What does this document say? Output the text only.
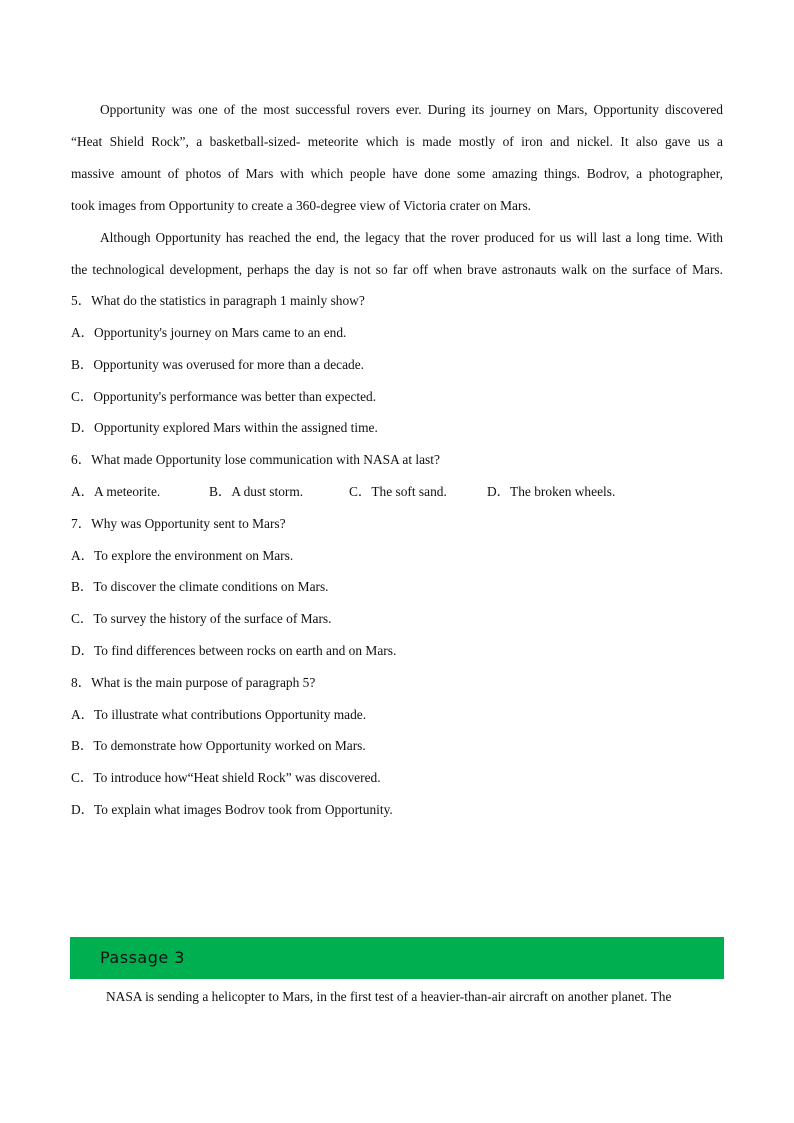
Opportunity was one of the most successful rovers ever. During its journey on Mars, Opportunity discovered
“Heat Shield Rock”, a basketball-sized- meteorite which is made mostly of iron and nickel. It also gave us a
massive amount of photos of Mars with which people have done some amazing things. Bodrov, a photographer,
took images from Opportunity to create a 360-degree view of Victoria crater on Mars.
Although Opportunity has reached the end, the legacy that the rover produced for us will last a long time. With
the technological development, perhaps the day is not so far off when brave astronauts walk on the surface of Mars.
5．What do the statistics in paragraph 1 mainly show?
A．Opportunity's journey on Mars came to an end.
B．Opportunity was overused for more than a decade.
C．Opportunity's performance was better than expected.
D．Opportunity explored Mars within the assigned time.
6．What made Opportunity lose communication with NASA at last?
A．A meteorite.	B．A dust storm.	C．The soft sand.	D．The broken wheels.
7．Why was Opportunity sent to Mars?
A．To explore the environment on Mars.
B．To discover the climate conditions on Mars.
C．To survey the history of the surface of Mars.
D．To find differences between rocks on earth and on Mars.
8．What is the main purpose of paragraph 5?
A．To illustrate what contributions Opportunity made.
B．To demonstrate how Opportunity worked on Mars.
C．To introduce how“Heat shield Rock” was discovered.
D．To explain what images Bodrov took from Opportunity.
Passage 3
NASA is sending a helicopter to Mars, in the first test of a heavier-than-air aircraft on another planet. The
